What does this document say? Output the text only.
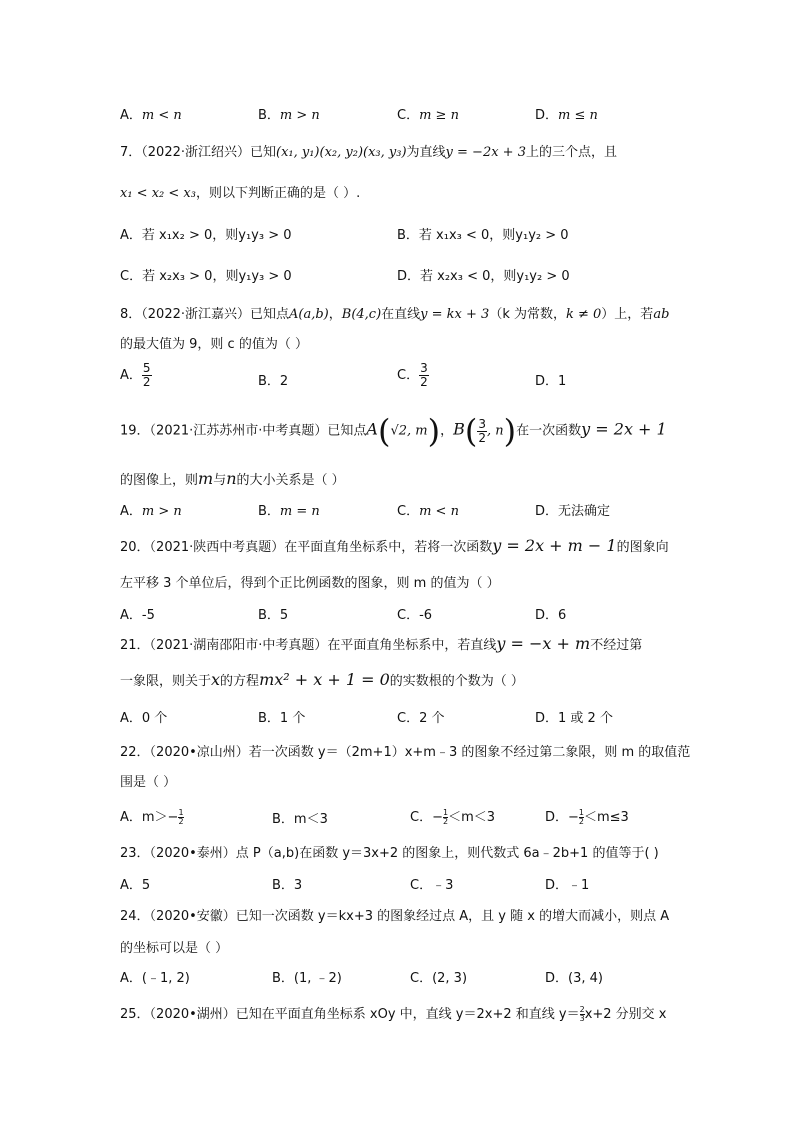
A．m < n	B．m > n	C．m ≥ n	D．m ≤ n
7．（2022·浙江绍兴）已知(x₁, y₁)(x₂, y₂)(x₃, y₃)为直线y = −2x + 3上的三个点，且
x₁ < x₂ < x₃，则以下判断正确的是（ ）.
A．若 x₁x₂ > 0，则y₁y₃ > 0	B．若 x₁x₃ < 0，则y₁y₂ > 0
C．若 x₂x₃ > 0，则y₁y₃ > 0	D．若 x₂x₃ < 0，则y₁y₂ > 0
8．（2022·浙江嘉兴）已知点A(a,b)，B(4,c)在直线y = kx + 3（k 为常数，k ≠ 0）上，若ab
的最大值为 9，则 c 的值为（ ）
A． $\frac{5}{2}$	B．2	C． $\frac{3}{2}$	D．1
19．（2021·江苏苏州市·中考真题）已知点A(√2, m)，$B( \frac{3}{2}$ , n)在一次函数y = 2x + 1
的图像上，则m与n的大小关系是（ ）
A．m > n	B．m = n	C．m < n	D．无法确定
20．（2021·陕西中考真题）在平面直角坐标系中，若将一次函数y = 2x + m − 1的图象向
左平移 3 个单位后，得到个正比例函数的图象，则 m 的值为（ ）
A．-5	B．5	C．-6	D．6
21．（2021·湖南邵阳市·中考真题）在平面直角坐标系中，若直线y = −x + m不经过第
一象限，则关于x的方程mx² + x + 1 = 0的实数根的个数为（ ）
A．0 个	B．1 个	C．2 个	D．1 或 2 个
22．（2020•凉山州）若一次函数 y＝（2m+1）x+m﹣3 的图象不经过第二象限，则 m 的取值范
围是（ ）
A．$m>- \frac{1}{2}$	B．m＜3	C．− $\frac{1}{2} <m<3$	D．− $\frac{1}{2} <m\le 3$
23．（2020•泰州）点 P（a,b)在函数 y＝3x+2 的图象上，则代数式 6a﹣2b+1 的值等于( )
A．5	B．3	C．﹣3	D．﹣1
24．（2020•安徽）已知一次函数 y＝kx+3 的图象经过点 A，且 y 随 x 的增大而减小，则点 A
的坐标可以是（ ）
A．(﹣1, 2)	B．(1, ﹣2)	C．(2, 3)	D．(3, 4)
25．（2020•湖州）已知在平面直角坐标系 xOy 中，直线 y＝2x+2 和直线 $y= \frac{2}{3} x+2$ 分别交 x
